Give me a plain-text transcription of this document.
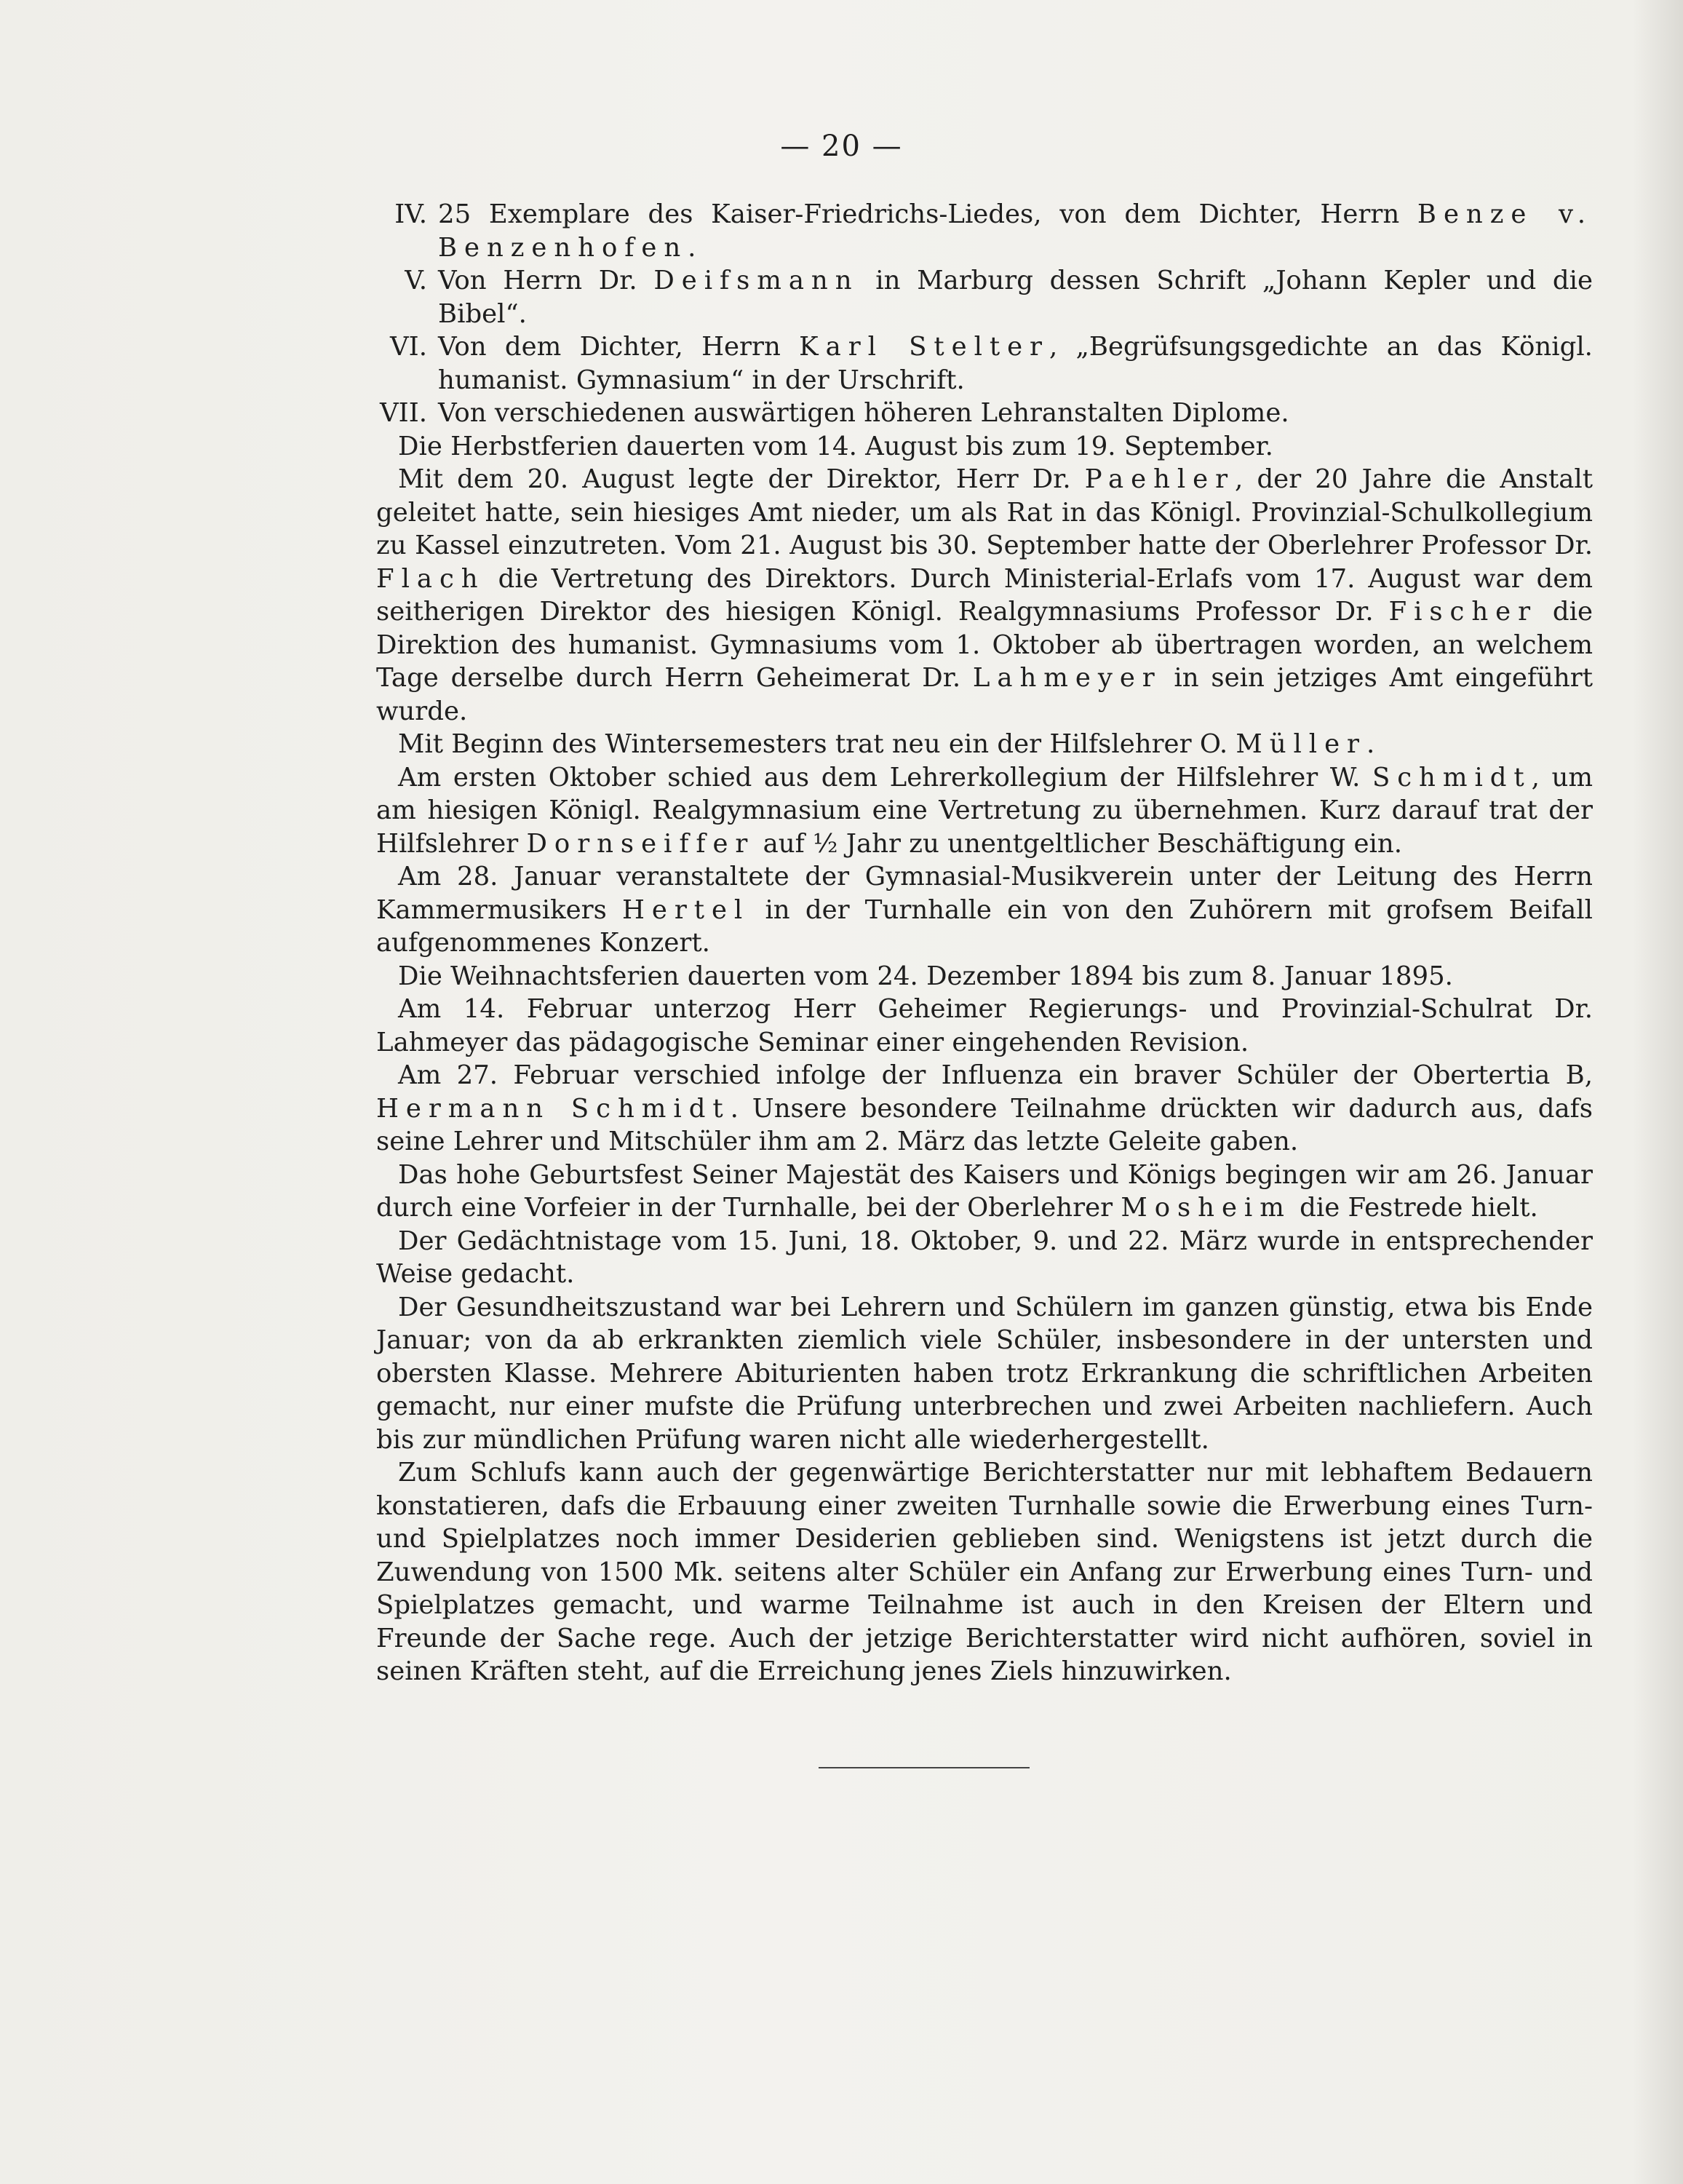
— 20 —
IV. 25 Exemplare des Kaiser-Friedrichs-Liedes, von dem Dichter, Herrn Benze v. Benzenhofen.
V. Von Herrn Dr. Deifsmann in Marburg dessen Schrift „Johann Kepler und die Bibel“.
VI. Von dem Dichter, Herrn Karl Stelter, „Begrüfsungsgedichte an das Königl. humanist. Gymnasium“ in der Urschrift.
VII. Von verschiedenen auswärtigen höheren Lehranstalten Diplome.

Die Herbstferien dauerten vom 14. August bis zum 19. September.

Mit dem 20. August legte der Direktor, Herr Dr. Paehler, der 20 Jahre die Anstalt geleitet hatte, sein hiesiges Amt nieder, um als Rat in das Königl. Provinzial-Schulkollegium zu Kassel einzutreten. Vom 21. August bis 30. September hatte der Oberlehrer Professor Dr. Flach die Vertretung des Direktors. Durch Ministerial-Erlafs vom 17. August war dem seitherigen Direktor des hiesigen Königl. Realgymnasiums Professor Dr. Fischer die Direktion des humanist. Gymnasiums vom 1. Oktober ab übertragen worden, an welchem Tage derselbe durch Herrn Geheimerat Dr. Lahmeyer in sein jetziges Amt eingeführt wurde.

Mit Beginn des Wintersemesters trat neu ein der Hilfslehrer O. Müller.

Am ersten Oktober schied aus dem Lehrerkollegium der Hilfslehrer W. Schmidt, um am hiesigen Königl. Realgymnasium eine Vertretung zu übernehmen. Kurz darauf trat der Hilfslehrer Dornseiffer auf ½ Jahr zu unentgeltlicher Beschäftigung ein.

Am 28. Januar veranstaltete der Gymnasial-Musikverein unter der Leitung des Herrn Kammermusikers Hertel in der Turnhalle ein von den Zuhörern mit grofsem Beifall aufgenommenes Konzert.

Die Weihnachtsferien dauerten vom 24. Dezember 1894 bis zum 8. Januar 1895.

Am 14. Februar unterzog Herr Geheimer Regierungs- und Provinzial-Schulrat Dr. Lahmeyer das pädagogische Seminar einer eingehenden Revision.

Am 27. Februar verschied infolge der Influenza ein braver Schüler der Obertertia B, Hermann Schmidt. Unsere besondere Teilnahme drückten wir dadurch aus, dafs seine Lehrer und Mitschüler ihm am 2. März das letzte Geleite gaben.

Das hohe Geburtsfest Seiner Majestät des Kaisers und Königs begingen wir am 26. Januar durch eine Vorfeier in der Turnhalle, bei der Oberlehrer Mosheim die Festrede hielt.

Der Gedächtnistage vom 15. Juni, 18. Oktober, 9. und 22. März wurde in entsprechender Weise gedacht.

Der Gesundheitszustand war bei Lehrern und Schülern im ganzen günstig, etwa bis Ende Januar; von da ab erkrankten ziemlich viele Schüler, insbesondere in der untersten und obersten Klasse. Mehrere Abiturienten haben trotz Erkrankung die schriftlichen Arbeiten gemacht, nur einer mufste die Prüfung unterbrechen und zwei Arbeiten nachliefern. Auch bis zur mündlichen Prüfung waren nicht alle wiederhergestellt.

Zum Schlufs kann auch der gegenwärtige Berichterstatter nur mit lebhaftem Bedauern konstatieren, dafs die Erbauung einer zweiten Turnhalle sowie die Erwerbung eines Turn- und Spielplatzes noch immer Desiderien geblieben sind. Wenigstens ist jetzt durch die Zuwendung von 1500 Mk. seitens alter Schüler ein Anfang zur Erwerbung eines Turn- und Spielplatzes gemacht, und warme Teilnahme ist auch in den Kreisen der Eltern und Freunde der Sache rege. Auch der jetzige Berichterstatter wird nicht aufhören, soviel in seinen Kräften steht, auf die Erreichung jenes Ziels hinzuwirken.
